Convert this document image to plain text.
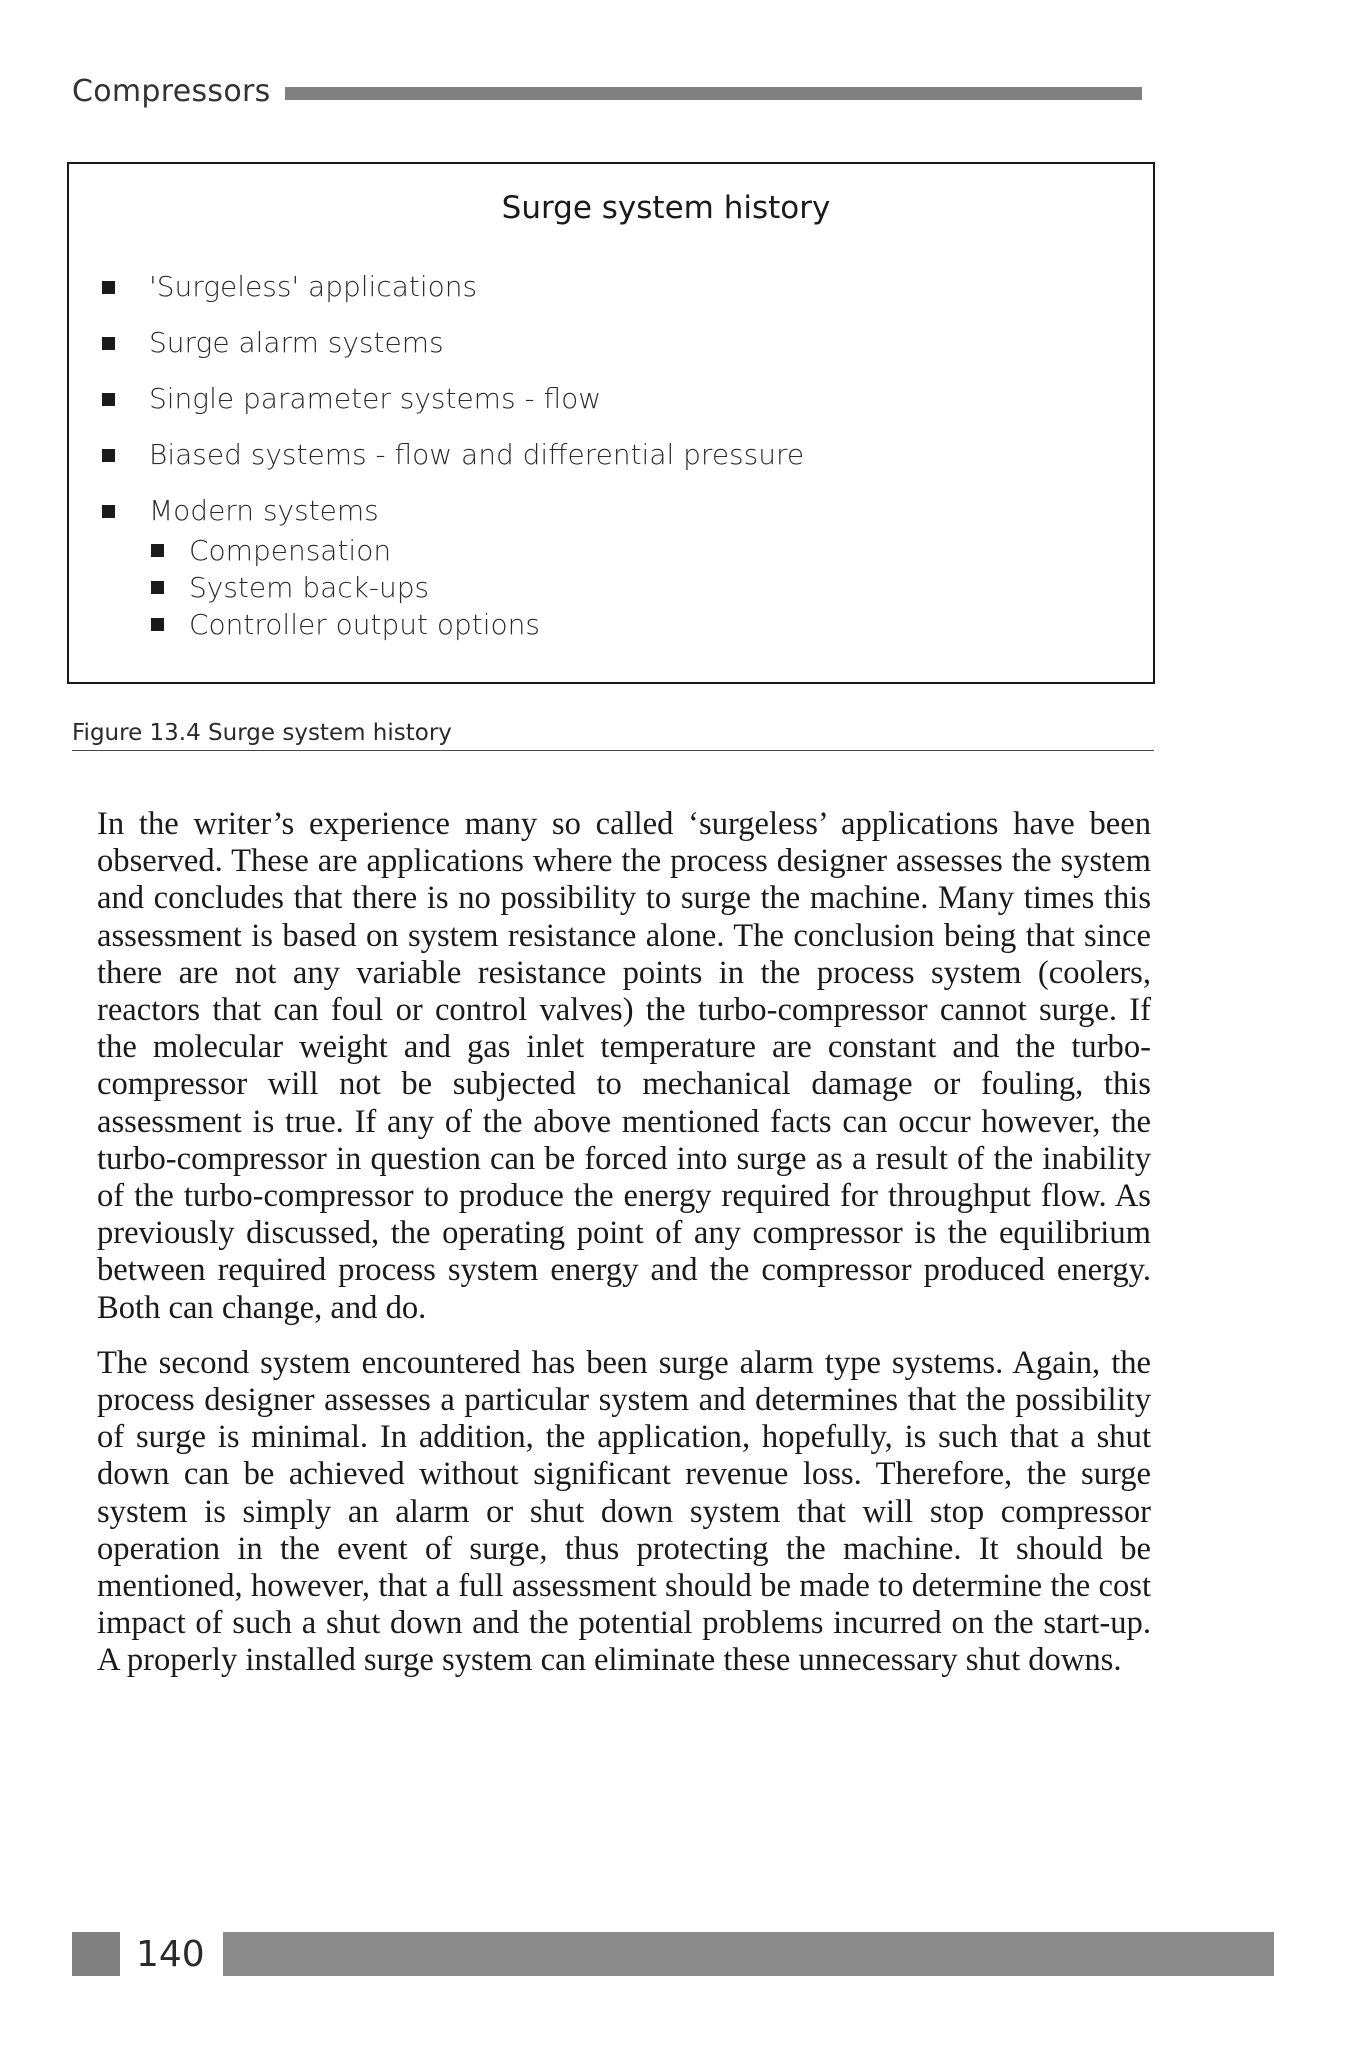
Compressors
Surge system history
'Surgeless' applications
Surge alarm systems
Single parameter systems - flow
Biased systems - flow and differential pressure
Modern systems
Compensation
System back-ups
Controller output options
Figure 13.4 Surge system history

In the writer’s experience many so called ‘surgeless’ applications have been observed. These are applications where the process designer assesses the system and concludes that there is no possibility to surge the machine. Many times this assessment is based on system resistance alone. The conclusion being that since there are not any variable resistance points in the process system (coolers, reactors that can foul or control valves) the turbo-compressor cannot surge. If the molecular weight and gas inlet temperature are constant and the turbo-compressor will not be subjected to mechanical damage or fouling, this assessment is true. If any of the above mentioned facts can occur however, the turbo-compressor in question can be forced into surge as a result of the inability of the turbo-compressor to produce the energy required for throughput flow. As previously discussed, the operating point of any compressor is the equilibrium between required process system energy and the compressor produced energy. Both can change, and do.

The second system encountered has been surge alarm type systems. Again, the process designer assesses a particular system and determines that the possibility of surge is minimal. In addition, the application, hopefully, is such that a shut down can be achieved without significant revenue loss. Therefore, the surge system is simply an alarm or shut down system that will stop compressor operation in the event of surge, thus protecting the machine. It should be mentioned, however, that a full assessment should be made to determine the cost impact of such a shut down and the potential problems incurred on the start-up. A properly installed surge system can eliminate these unnecessary shut downs.

140
